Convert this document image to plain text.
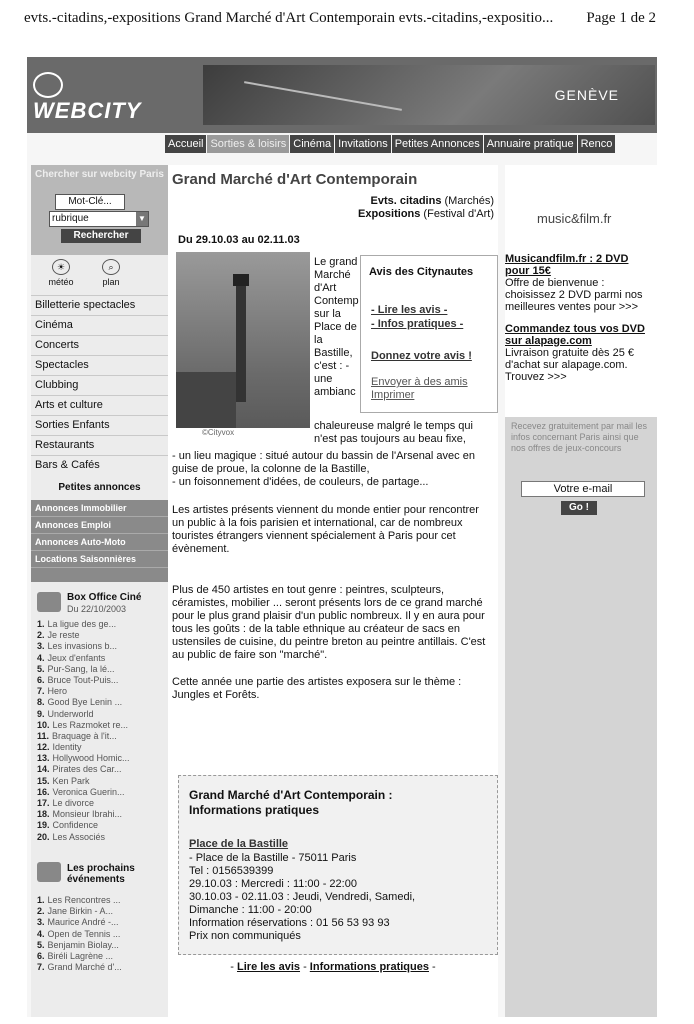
evts.-citadins,-expositions Grand Marché d'Art Contemporain evts.-citadins,-expositio... Page 1 de 2
WEBCITY
GENÈVE
Accueil Sorties & loisirs Cinéma Invitations Petites Annonces Annuaire pratique Renco
Chercher sur webcity Paris
Mot-Clé...
rubrique	▼
Rechercher
☀
météo
⌕
plan
Billetterie spectacles
Cinéma
Concerts
Spectacles
Clubbing
Arts et culture
Sorties Enfants
Restaurants
Bars & Cafés
Petites annonces
Annonces Immobilier
Annonces Emploi
Annonces Auto-Moto
Locations Saisonnières
Box Office Ciné
Du 22/10/2003
1. La ligue des ge...
2. Je reste
3. Les invasions b...
4. Jeux d'enfants
5. Pur-Sang, la lé...
6. Bruce Tout-Puis...
7. Hero
8. Good Bye Lenin ...
9. Underworld
10. Les Razmoket re...
11. Braquage à l'it...
12. Identity
13. Hollywood Homic...
14. Pirates des Car...
15. Ken Park
16. Veronica Guerin...
17. Le divorce
18. Monsieur Ibrahi...
19. Confidence
20. Les Associés
Les prochains événements
1. Les Rencontres ...
2. Jane Birkin - A...
3. Maurice André -...
4. Open de Tennis ...
5. Benjamin Biolay...
6. Biréli Lagrène ...
7. Grand Marché d'...
Grand Marché d'Art Contemporain
Evts. citadins (Marchés)
Expositions (Festival d'Art)
Du 29.10.03 au 02.11.03
©Cityvox
Le grand Marché d'Art Contemp sur la Place de la Bastille, c'est : - une ambianc
Avis des Citynautes
- Lire les avis -
- Infos pratiques -
Donnez votre avis !
Envoyer à des amis
Imprimer

chaleureuse malgré le temps qui n'est pas toujours au beau fixe,

- un lieu magique : situé autour du bassin de l'Arsenal avec en guise de proue, la colonne de la Bastille,

- un foisonnement d'idées, de couleurs, de partage...

Les artistes présents viennent du monde entier pour rencontrer un public à la fois parisien et international, car de nombreux touristes étrangers viennent spécialement à Paris pour cet évènement.

Plus de 450 artistes en tout genre : peintres, sculpteurs, céramistes, mobilier ... seront présents lors de ce grand marché pour le plus grand plaisir d'un public nombreux. Il y en aura pour tous les goûts : de la table ethnique au créateur de sacs en ustensiles de cuisine, du peintre breton au peintre antillais. C'est au public de faire son "marché".

Cette année une partie des artistes exposera sur le thème : Jungles et Forêts.

Grand Marché d'Art Contemporain : Informations pratiques
Place de la Bastille
- Place de la Bastille - 75011 Paris
Tel : 0156539399
29.10.03 : Mercredi : 11:00 - 22:00
30.10.03 - 02.11.03 : Jeudi, Vendredi, Samedi,
Dimanche : 11:00 - 20:00
Information réservations : 01 56 53 93 93
Prix non communiqués
- Lire les avis - Informations pratiques -
music&film.fr
Musicandfilm.fr : 2 DVD pour 15€
Offre de bienvenue : choisissez 2 DVD parmi nos meilleures ventes pour >>>
Commandez tous vos DVD sur alapage.com
Livraison gratuite dès 25 € d'achat sur alapage.com. Trouvez >>>
Recevez gratuitement par mail les infos concernant Paris ainsi que nos offres de jeux-concours
Votre e-mail
Go !
